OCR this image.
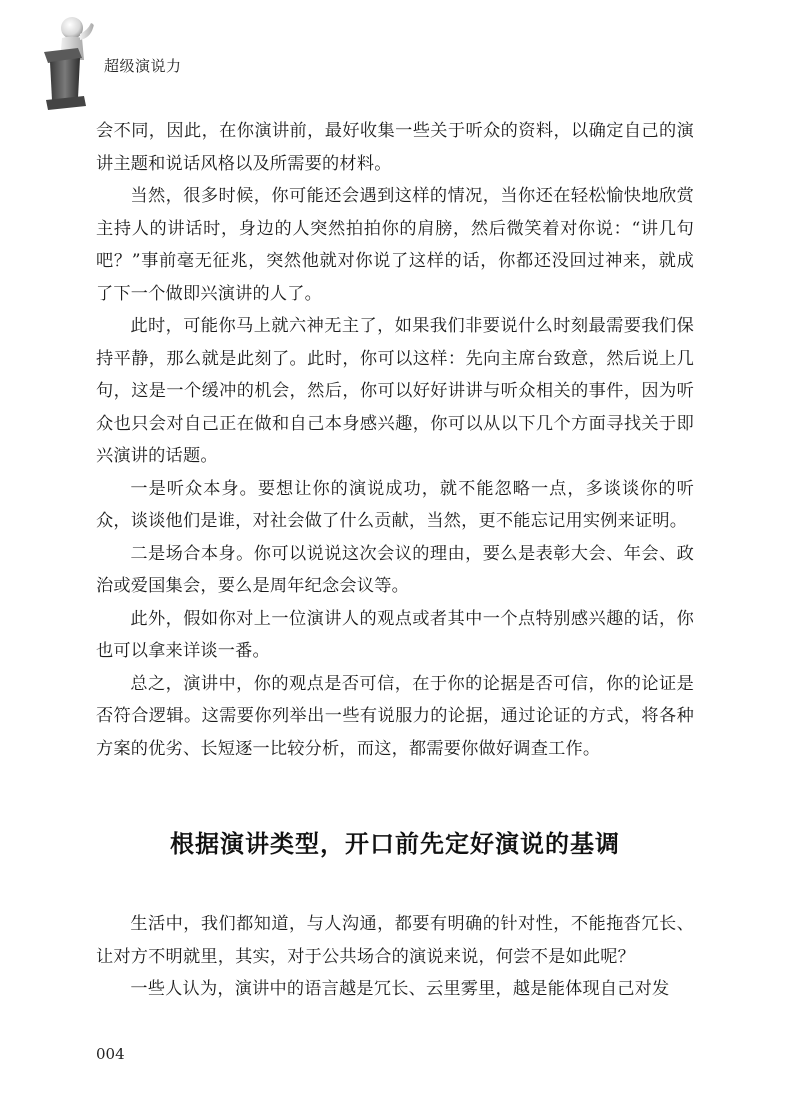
超级演说力

会不同，因此，在你演讲前，最好收集一些关于听众的资料，以确定自己的演讲主题和说话风格以及所需要的材料。

当然，很多时候，你可能还会遇到这样的情况，当你还在轻松愉快地欣赏主持人的讲话时，身边的人突然拍拍你的肩膀，然后微笑着对你说：“讲几句吧？”事前毫无征兆，突然他就对你说了这样的话，你都还没回过神来，就成了下一个做即兴演讲的人了。

此时，可能你马上就六神无主了，如果我们非要说什么时刻最需要我们保持平静，那么就是此刻了。此时，你可以这样：先向主席台致意，然后说上几句，这是一个缓冲的机会，然后，你可以好好讲讲与听众相关的事件，因为听众也只会对自己正在做和自己本身感兴趣，你可以从以下几个方面寻找关于即兴演讲的话题。

一是听众本身。要想让你的演说成功，就不能忽略一点，多谈谈你的听众，谈谈他们是谁，对社会做了什么贡献，当然，更不能忘记用实例来证明。

二是场合本身。你可以说说这次会议的理由，要么是表彰大会、年会、政治或爱国集会，要么是周年纪念会议等。

此外，假如你对上一位演讲人的观点或者其中一个点特别感兴趣的话，你也可以拿来详谈一番。

总之，演讲中，你的观点是否可信，在于你的论据是否可信，你的论证是否符合逻辑。这需要你列举出一些有说服力的论据，通过论证的方式，将各种方案的优劣、长短逐一比较分析，而这，都需要你做好调查工作。

根据演讲类型，开口前先定好演说的基调

生活中，我们都知道，与人沟通，都要有明确的针对性，不能拖沓冗长、让对方不明就里，其实，对于公共场合的演说来说，何尝不是如此呢？

一些人认为，演讲中的语言越是冗长、云里雾里，越是能体现自己对发

004
